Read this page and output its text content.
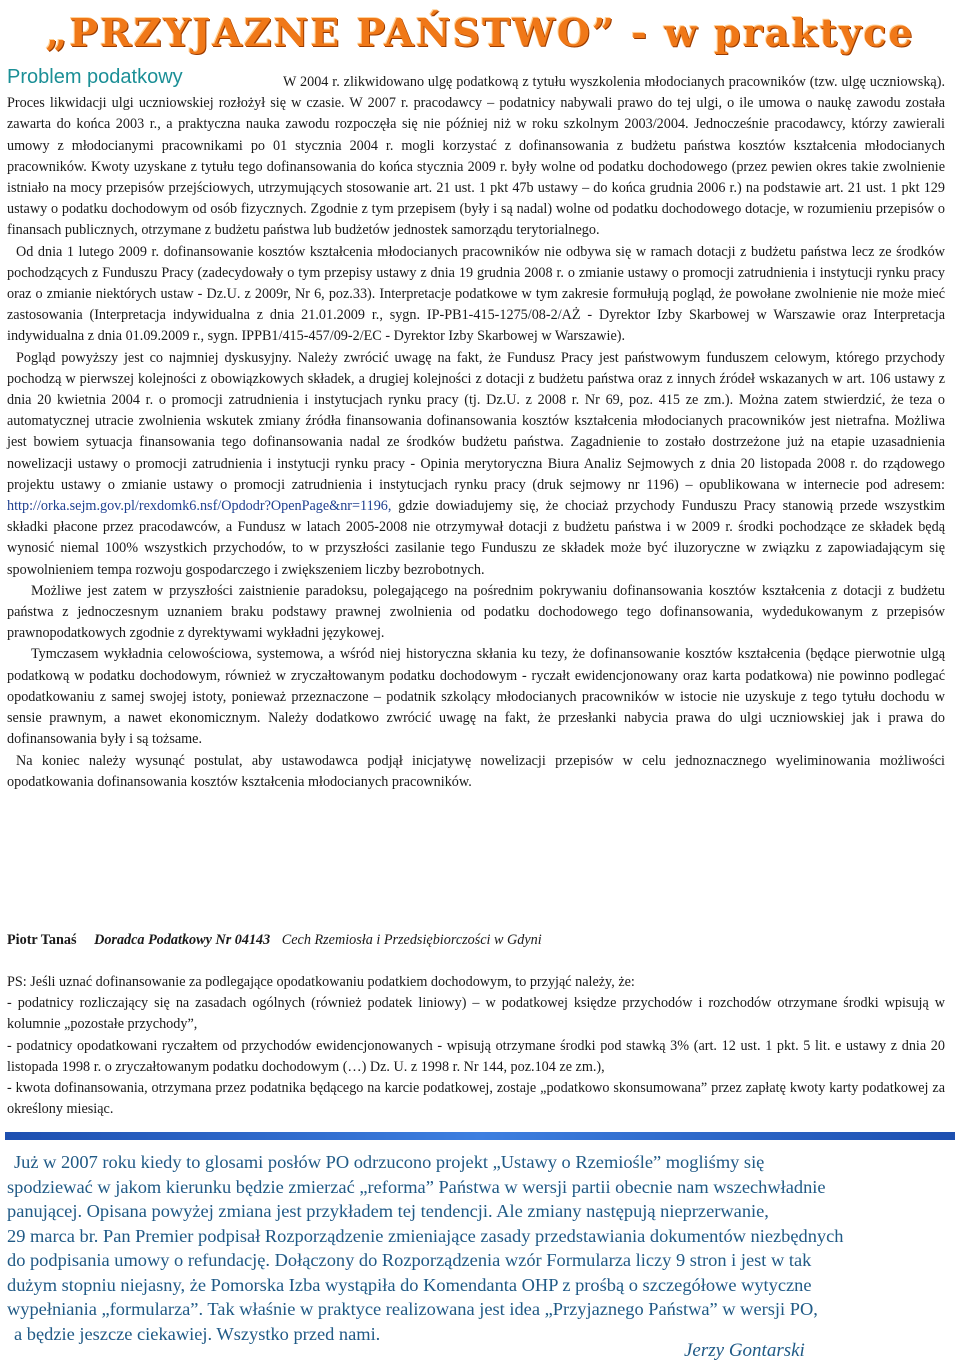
„PRZYJAZNE PAŃSTWO” - w praktyce
Problem podatkowy	W 2004 r. zlikwidowano ulgę podatkową z tytułu wyszkolenia młodocianych pracowników (tzw. ulgę uczniowską). Proces likwidacji ulgi uczniowskiej rozłożył się w czasie. W 2007 r. pracodawcy – podatnicy nabywali prawo do tej ulgi, o ile umowa o naukę zawodu została zawarta do końca 2003 r., a praktyczna nauka zawodu rozpoczęła się nie później niż w roku szkolnym 2003/2004. Jednocześnie pracodawcy, którzy zawierali umowy z młodocianymi pracownikami po 01 stycznia 2004 r. mogli korzystać z dofinansowania z budżetu państwa kosztów kształcenia młodocianych pracowników. Kwoty uzyskane z tytułu tego dofinansowania do końca stycznia 2009 r. były wolne od podatku dochodowego (przez pewien okres takie zwolnienie istniało na mocy przepisów przejściowych, utrzymujących stosowanie art. 21 ust. 1 pkt 47b ustawy – do końca grudnia 2006 r.) na podstawie art. 21 ust. 1 pkt 129 ustawy o podatku dochodowym od osób fizycznych. Zgodnie z tym przepisem (były i są nadal) wolne od podatku dochodowego dotacje, w rozumieniu przepisów o finansach publicznych, otrzymane z budżetu państwa lub budżetów jednostek samorządu terytorialnego.

Od dnia 1 lutego 2009 r. dofinansowanie kosztów kształcenia młodocianych pracowników nie odbywa się w ramach dotacji z budżetu państwa lecz ze środków pochodzących z Funduszu Pracy (zadecydowały o tym przepisy ustawy z dnia 19 grudnia 2008 r. o zmianie ustawy o promocji zatrudnienia i instytucji rynku pracy oraz o zmianie niektórych ustaw - Dz.U. z 2009r, Nr 6, poz.33). Interpretacje podatkowe w tym zakresie formułują pogląd, że powołane zwolnienie nie może mieć zastosowania (Interpretacja indywidualna z dnia 21.01.2009 r., sygn. IP-PB1-415-1275/08-2/AŻ - Dyrektor Izby Skarbowej w Warszawie oraz Interpretacja indywidualna z dnia 01.09.2009 r., sygn. IPPB1/415-457/09-2/EC - Dyrektor Izby Skarbowej w Warszawie).

Pogląd powyższy jest co najmniej dyskusyjny. Należy zwrócić uwagę na fakt, że Fundusz Pracy jest państwowym funduszem celowym, którego przychody pochodzą w pierwszej kolejności z obowiązkowych składek, a drugiej kolejności z dotacji z budżetu państwa oraz z innych źródeł wskazanych w art. 106 ustawy z dnia 20 kwietnia 2004 r. o promocji zatrudnienia i instytucjach rynku pracy (tj. Dz.U. z 2008 r. Nr 69, poz. 415 ze zm.). Można zatem stwierdzić, że teza o automatycznej utracie zwolnienia wskutek zmiany źródła finansowania dofinansowania kosztów kształcenia młodocianych pracowników jest nietrafna. Możliwa jest bowiem sytuacja finansowania tego dofinansowania nadal ze środków budżetu państwa. Zagadnienie to zostało dostrzeżone już na etapie uzasadnienia nowelizacji ustawy o promocji zatrudnienia i instytucji rynku pracy - Opinia merytoryczna Biura Analiz Sejmowych z dnia 20 listopada 2008 r. do rządowego projektu ustawy o zmianie ustawy o promocji zatrudnienia i instytucjach rynku pracy (druk sejmowy nr 1196) – opublikowana w internecie pod adresem: http://orka.sejm.gov.pl/rexdomk6.nsf/Opdodr?OpenPage&nr=1196, gdzie dowiadujemy się, że chociaż przychody Funduszu Pracy stanowią przede wszystkim składki płacone przez pracodawców, a Fundusz w latach 2005-2008 nie otrzymywał dotacji z budżetu państwa i w 2009 r. środki pochodzące ze składek będą wynosić niemal 100% wszystkich przychodów, to w przyszłości zasilanie tego Funduszu ze składek może być iluzoryczne w związku z zapowiadającym się spowolnieniem tempa rozwoju gospodarczego i zwiększeniem liczby bezrobotnych.

Możliwe jest zatem w przyszłości zaistnienie paradoksu, polegającego na pośrednim pokrywaniu dofinansowania kosztów kształcenia z dotacji z budżetu państwa z jednoczesnym uznaniem braku podstawy prawnej zwolnienia od podatku dochodowego tego dofinansowania, wydedukowanym z przepisów prawnopodatkowych zgodnie z dyrektywami wykładni językowej.

Tymczasem wykładnia celowościowa, systemowa, a wśród niej historyczna skłania ku tezy, że dofinansowanie kosztów kształcenia (będące pierwotnie ulgą podatkową w podatku dochodowym, również w zryczałtowanym podatku dochodowym - ryczałt ewidencjonowany oraz karta podatkowa) nie powinno podlegać opodatkowaniu z samej swojej istoty, ponieważ przeznaczone – podatnik szkolący młodocianych pracowników w istocie nie uzyskuje z tego tytułu dochodu w sensie prawnym, a nawet ekonomicznym. Należy dodatkowo zwrócić uwagę na fakt, że przesłanki nabycia prawa do ulgi uczniowskiej jak i prawa do dofinansowania były i są tożsame.

Na koniec należy wysunąć postulat, aby ustawodawca podjął inicjatywę nowelizacji przepisów w celu jednoznacznego wyeliminowania możliwości opodatkowania dofinansowania kosztów kształcenia młodocianych pracowników.

Piotr Tanaś Doradca Podatkowy Nr 04143 Cech Rzemiosła i Przedsiębiorczości w Gdyni

PS: Jeśli uznać dofinansowanie za podlegające opodatkowaniu podatkiem dochodowym, to przyjąć należy, że:

- podatnicy rozliczający się na zasadach ogólnych (również podatek liniowy) – w podatkowej księdze przychodów i rozchodów otrzymane środki wpisują w kolumnie „pozostałe przychody”,

- podatnicy opodatkowani ryczałtem od przychodów ewidencjonowanych - wpisują otrzymane środki pod stawką 3% (art. 12 ust. 1 pkt. 5 lit. e ustawy z dnia 20 listopada 1998 r. o zryczałtowanym podatku dochodowym (…) Dz. U. z 1998 r. Nr 144, poz.104 ze zm.),

- kwota dofinansowania, otrzymana przez podatnika będącego na karcie podatkowej, zostaje „podatkowo skonsumowana” przez zapłatę kwoty karty podatkowej za określony miesiąc.

Już w 2007 roku kiedy to glosami posłów PO odrzucono projekt „Ustawy o Rzemiośle” mogliśmy się

spodziewać w jakom kierunku będzie zmierzać „reforma” Państwa w wersji partii obecnie nam wszechwładnie

panującej. Opisana powyżej zmiana jest przykładem tej tendencji. Ale zmiany następują nieprzerwanie,

29 marca br. Pan Premier podpisał Rozporządzenie zmieniające zasady przedstawiania dokumentów niezbędnych

do podpisania umowy o refundację. Dołączony do Rozporządzenia wzór Formularza liczy 9 stron i jest w tak

dużym stopniu niejasny, że Pomorska Izba wystąpiła do Komendanta OHP z prośbą o szczegółowe wytyczne

wypełniania „formularza”. Tak właśnie w praktyce realizowana jest idea „Przyjaznego Państwa” w wersji PO,

a będzie jeszcze ciekawiej. Wszystko przed nami.

Jerzy Gontarski
